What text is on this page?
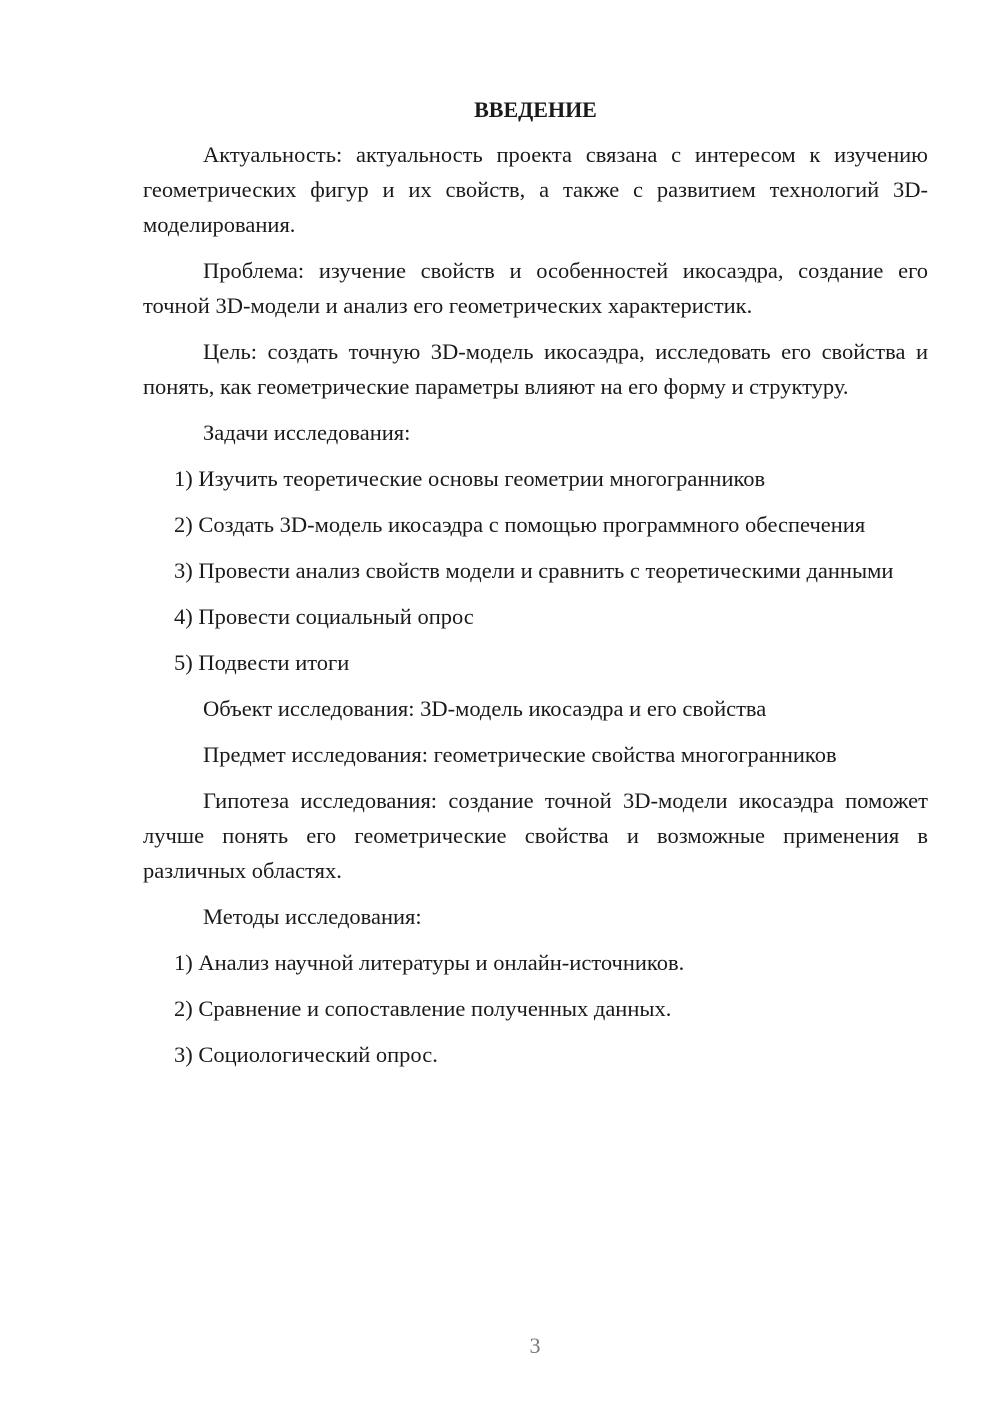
ВВЕДЕНИЕ

Актуальность: актуальность проекта связана с интересом к изучению геометрических фигур и их свойств, а также с развитием технологий 3D-моделирования.

Проблема: изучение свойств и особенностей икосаэдра, создание его точной 3D-модели и анализ его геометрических характеристик.

Цель: создать точную 3D-модель икосаэдра, исследовать его свойства и понять, как геометрические параметры влияют на его форму и структуру.

Задачи исследования:

1) Изучить теоретические основы геометрии многогранников

2) Создать 3D-модель икосаэдра с помощью программного обеспечения

3) Провести анализ свойств модели и сравнить с теоретическими данными

4) Провести социальный опрос

5) Подвести итоги

Объект исследования: 3D-модель икосаэдра и его свойства

Предмет исследования: геометрические свойства многогранников

Гипотеза исследования: создание точной 3D-модели икосаэдра поможет лучше понять его геометрические свойства и возможные применения в различных областях.

Методы исследования:

1) Анализ научной литературы и онлайн-источников.

2) Сравнение и сопоставление полученных данных.

3) Социологический опрос.

3
